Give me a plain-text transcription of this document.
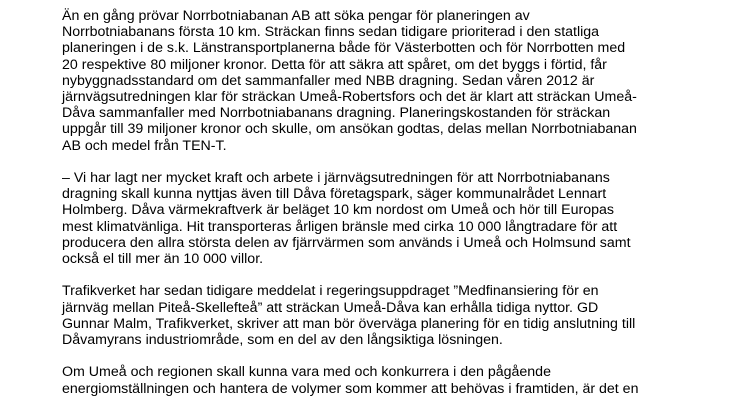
Än en gång prövar Norrbotniabanan AB att söka pengar för planeringen av
Norrbotniabanans första 10 km. Sträckan finns sedan tidigare prioriterad i den statliga
planeringen i de s.k. Länstransportplanerna både för Västerbotten och för Norrbotten med
20 respektive 80 miljoner kronor. Detta för att säkra att spåret, om det byggs i förtid, får
nybyggnadsstandard om det sammanfaller med NBB dragning. Sedan våren 2012 är
järnvägsutredningen klar för sträckan Umeå-Robertsfors och det är klart att sträckan Umeå-
Dåva sammanfaller med Norrbotniabanans dragning. Planeringskostanden för sträckan
uppgår till 39 miljoner kronor och skulle, om ansökan godtas, delas mellan Norrbotniabanan
AB och medel från TEN-T.

– Vi har lagt ner mycket kraft och arbete i järnvägsutredningen för att Norrbotniabanans
dragning skall kunna nyttjas även till Dåva företagspark, säger kommunalrådet Lennart
Holmberg. Dåva värmekraftverk är beläget 10 km nordost om Umeå och hör till Europas
mest klimatvänliga. Hit transporteras årligen bränsle med cirka 10 000 långtradare för att
producera den allra största delen av fjärrvärmen som används i Umeå och Holmsund samt
också el till mer än 10 000 villor.

Trafikverket har sedan tidigare meddelat i regeringsuppdraget ”Medfinansiering för en
järnväg mellan Piteå-Skellefteå” att sträckan Umeå-Dåva kan erhålla tidiga nyttor. GD
Gunnar Malm, Trafikverket, skriver att man bör överväga planering för en tidig anslutning till
Dåvamyrans industriområde, som en del av den långsiktiga lösningen.

Om Umeå och regionen skall kunna vara med och konkurrera i den pågående
energiomställningen och hantera de volymer som kommer att behövas i framtiden, är det en
